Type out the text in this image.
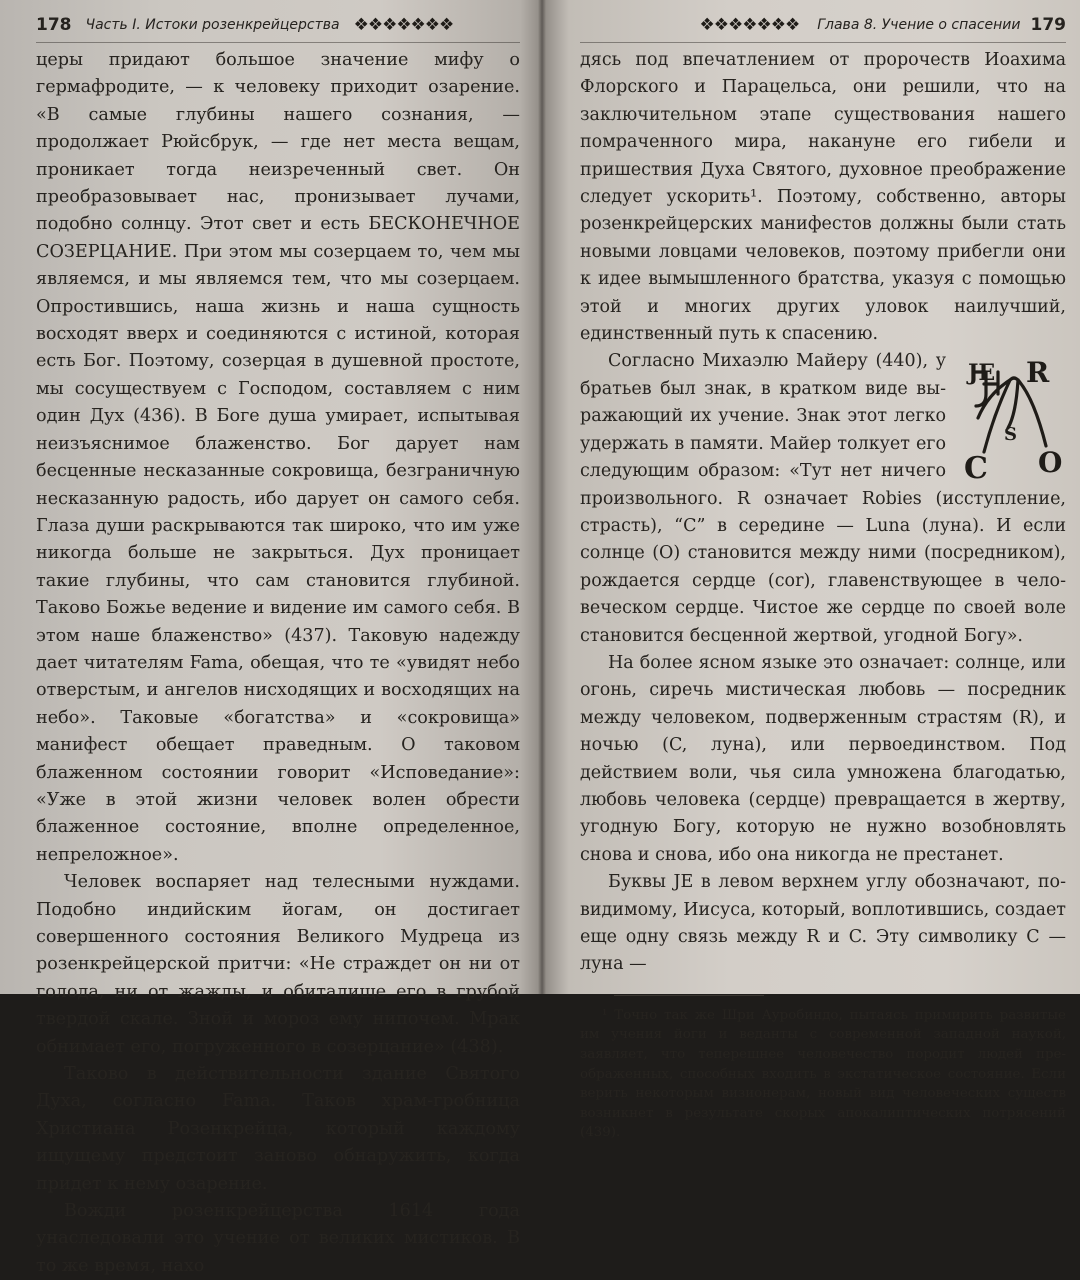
178 Часть I. Истоки розенкрейцерства ❖❖❖❖❖❖❖

церы придают большое значение мифу о гермафродите, — к человеку приходит озарение. «В самые глубины нашего сознания, — продолжает Рюйсбрук, — где нет места вещам, проникает тогда неизреченный свет. Он преобразовывает нас, пронизывает лучами, подобно солнцу. Этот свет и есть БЕСКОНЕЧНОЕ СОЗЕРЦАНИЕ. При этом мы созерцаем то, чем мы являемся, и мы являемся тем, что мы созерцаем. Опростившись, наша жизнь и наша сущность восходят вверх и соединяются с истиной, которая есть Бог. Поэтому, созерцая в душевной простоте, мы сосуществуем с Господом, составляем с ним один Дух (436). В Боге душа умирает, испытывая неизъяснимое блаженство. Бог дарует нам бесценные несказанные сокровища, безграничную несказанную радость, ибо дарует он самого себя. Глаза души раскрываются так широко, что им уже никогда больше не закрыться. Дух проницает такие глубины, что сам становится глубиной. Таково Божье ведение и видение им самого себя. В этом наше блаженство» (437). Таковую надежду дает читателям Fama, обещая, что те «увидят небо отверстым, и ангелов нисходящих и восходящих на небо». Таковые «богатства» и «сокровища» манифест обещает праведным. О таковом блаженном состоянии говорит «Исповедание»: «Уже в этой жизни человек волен обрести блаженное состояние, вполне определенное, непреложное».

Человек воспаряет над телесными нуждами. Подобно индийским йогам, он достигает совершенного состояния Великого Мудреца из розенкрейцерской притчи: «Не страждет он ни от голода, ни от жажды, и обиталище его в грубой твердой скале. Зной и мороз ему нипочем. Мрак обнимает его, погруженного в созерцание» (438).

Таково в действительности здание Святого Духа, согласно Fama. Таков храм-гробница Христиана Розенкрейца, который каждому ищущему предстоит заново обнаружить, когда придет к нему озарение.

Вожди розенкрейцерства 1614 года унаследовали это учение от великих мистиков. В то же время, нахо

❖❖❖❖❖❖❖ Глава 8. Учение о спасении 179

дясь под впечатлением от пророчеств Иоахима Флорского и Парацельса, они решили, что на заключительном этапе существования нашего помраченного мира, накануне его гибели и пришествия Духа Святого, духовное преображение следует ускорить¹. Поэтому, собственно, авторы розенкрейцерских манифестов должны были стать новыми ловцами человеков, поэтому прибегли они к идее вымышленного братства, указуя с помощью этой и многих других уловок наилучший, единственный путь к спасению.

JE R
S
C O

Согласно Михаэлю Майеру (440), у братьев был знак, в кратком виде выражающий их учение. Знак этот легко удержать в памяти. Майер толкует его следующим образом: «Тут нет ничего произвольного. R означает Robies (исступление, страсть), “C” в середине — Luna (луна). И если солнце (O) становится между ними (посредником), рождается сердце (cor), главенствующее в человеческом сердце. Чистое же сердце по своей воле становится бесценной жертвой, угодной Богу».

На более ясном языке это означает: солнце, или огонь, сиречь мистическая любовь — посредник между человеком, подверженным страстям (R), и ночью (C, луна), или первоединством. Под действием воли, чья сила умножена благодатью, любовь человека (сердце) превращается в жертву, угодную Богу, которую не нужно возобновлять снова и снова, ибо она никогда не престанет.

Буквы JE в левом верхнем углу обозначают, по-видимому, Иисуса, который, воплотившись, создает еще одну связь между R и C. Эту символику C — луна —

¹ Точно так же Шри Ауробиндо, пытаясь примирить развитые им учения йоги и веданты с современной западной наукой, заявляет, что теперешнее человечество породит людей преображенных, способных входить в экстатическое состояние. Если верить некоторым визионерам, новый вид человеческих существ возникнет в результате скорых апокалиптических потрясений (439).
